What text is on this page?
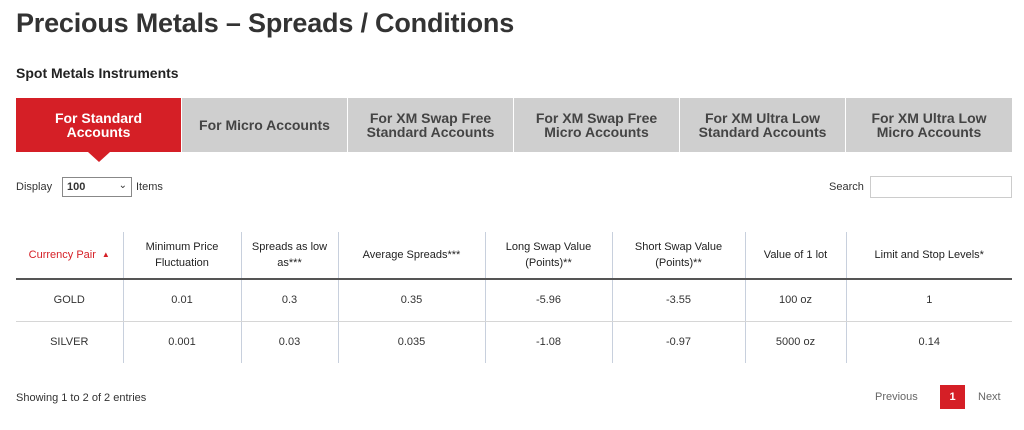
Precious Metals – Spreads / Conditions
Spot Metals Instruments
For Standard Accounts	For Micro Accounts	For XM Swap Free Standard Accounts
For XM Swap Free Micro Accounts
For XM Ultra Low Standard Accounts
For XM Ultra Low Micro Accounts
Display	100	⌄ Items	Search
Currency Pair ▲	Minimum Price Fluctuation	Spreads as low as***	Average Spreads***	Long Swap Value (Points)**	Short Swap Value (Points)**	Value of 1 lot	Limit and Stop Levels*
GOLD	0.01	0.3	0.35	-5.96	-3.55	100 oz	1
SILVER	0.001	0.03	0.035	-1.08	-0.97	5000 oz	0.14
Showing 1 to 2 of 2 entries	Previous	1	Next
